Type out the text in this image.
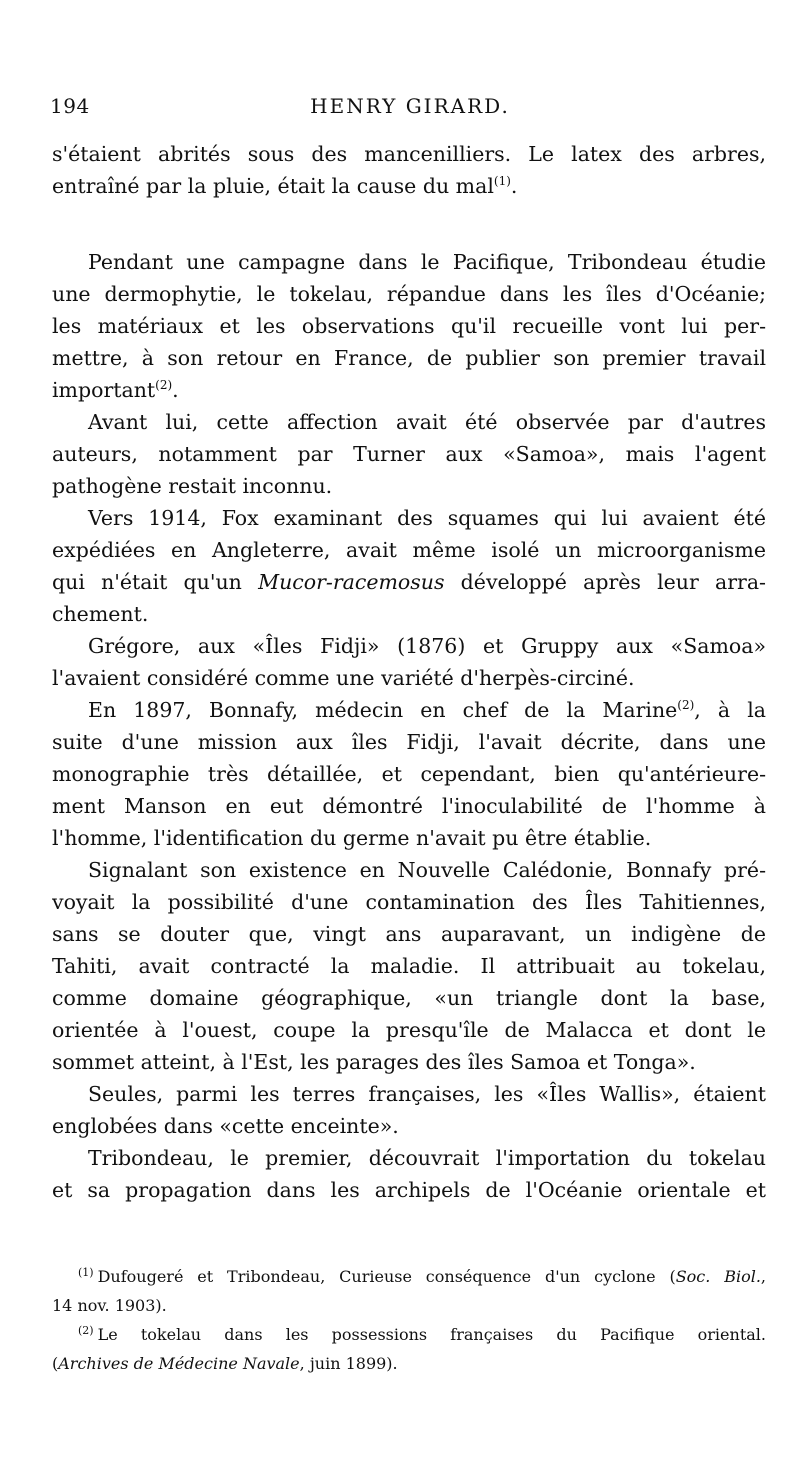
194	HENRY GIRARD.
s'étaient abrités sous des mancenilliers. Le latex des arbres,
entraîné par la pluie, était la cause du mal$^{(1)}$.
Pendant une campagne dans le Pacifique, Tribondeau étudie
une dermophytie, le tokelau, répandue dans les îles d'Océanie;
les matériaux et les observations qu'il recueille vont lui per-
mettre, à son retour en France, de publier son premier travail
important$^{(2)}$.
Avant lui, cette affection avait été observée par d'autres
auteurs, notamment par Turner aux «Samoa», mais l'agent
pathogène restait inconnu.
Vers 1914, Fox examinant des squames qui lui avaient été
expédiées en Angleterre, avait même isolé un microorganisme
qui n'était qu'un Mucor-racemosus développé après leur arra-
chement.
Grégore, aux «Îles Fidji» (1876) et Gruppy aux «Samoa»
l'avaient considéré comme une variété d'herpès-circiné.
En 1897, Bonnafy, médecin en chef de la Marine$^{(2)}$, à la
suite d'une mission aux îles Fidji, l'avait décrite, dans une
monographie très détaillée, et cependant, bien qu'antérieure-
ment Manson en eut démontré l'inoculabilité de l'homme à
l'homme, l'identification du germe n'avait pu être établie.
Signalant son existence en Nouvelle Calédonie, Bonnafy pré-
voyait la possibilité d'une contamination des Îles Tahitiennes,
sans se douter que, vingt ans auparavant, un indigène de
Tahiti, avait contracté la maladie. Il attribuait au tokelau,
comme domaine géographique, «un triangle dont la base,
orientée à l'ouest, coupe la presqu'île de Malacca et dont le
sommet atteint, à l'Est, les parages des îles Samoa et Tonga».
Seules, parmi les terres françaises, les «Îles Wallis», étaient
englobées dans «cette enceinte».
Tribondeau, le premier, découvrait l'importation du tokelau
et sa propagation dans les archipels de l'Océanie orientale et
$^{(1)}$ Dufougeré et Tribondeau, Curieuse conséquence d'un cyclone (Soc. Biol.,
14 nov. 1903).
$^{(2)}$ Le tokelau dans les possessions françaises du Pacifique oriental.
(Archives de Médecine Navale, juin 1899).
